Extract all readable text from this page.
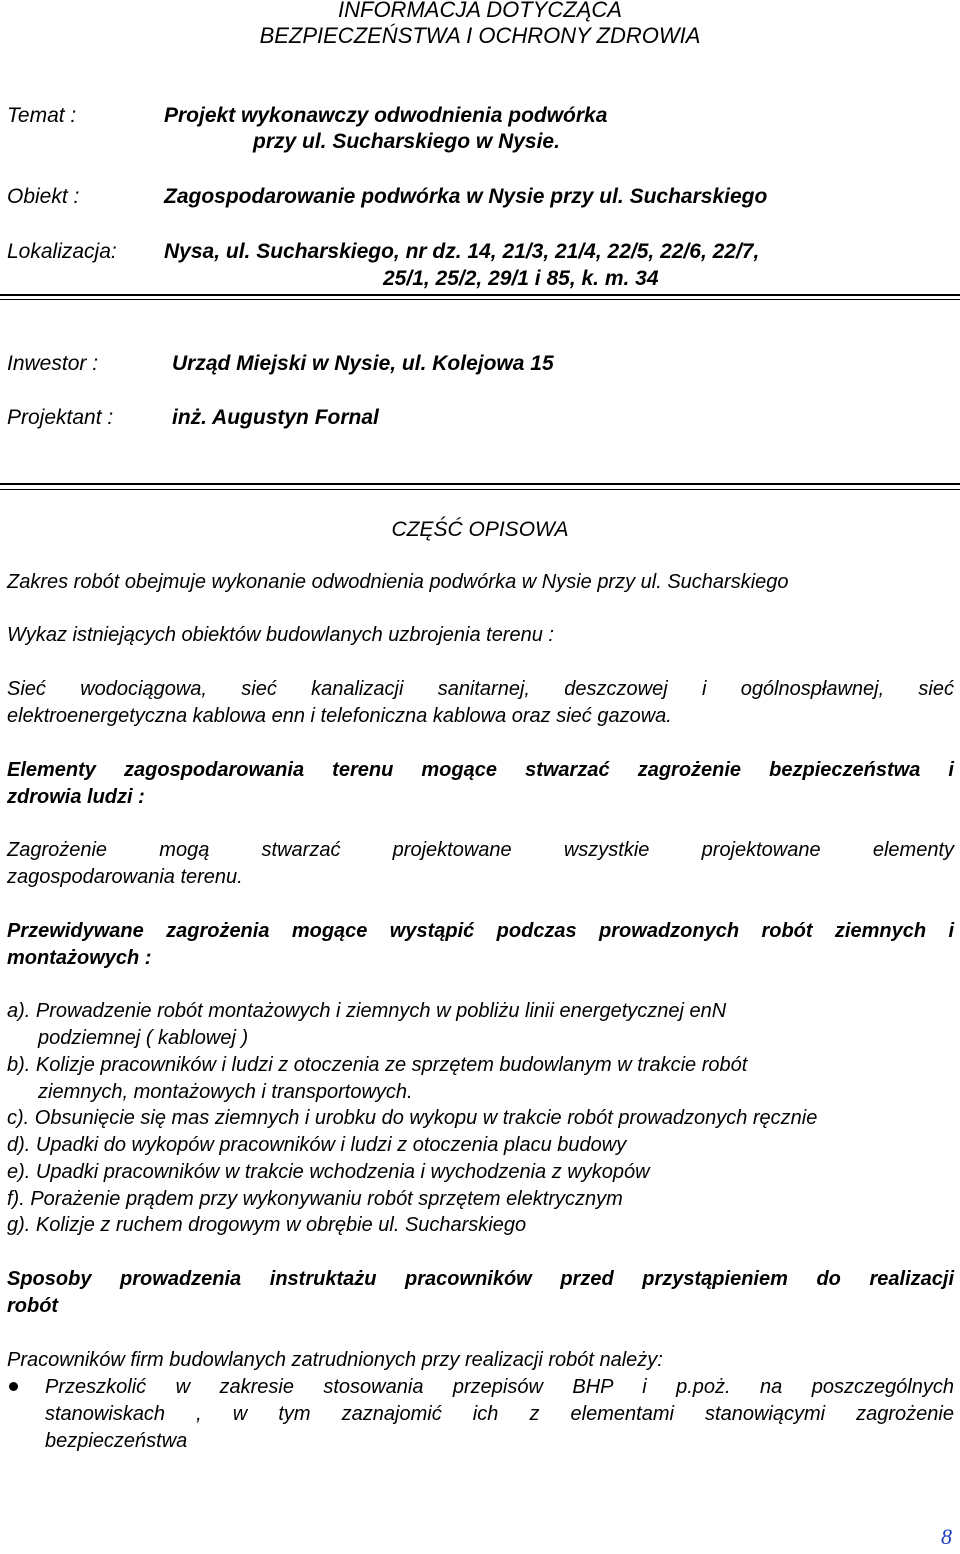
INFORMACJA DOTYCZĄCA
BEZPIECZEŃSTWA I OCHRONY ZDROWIA
Temat :	Projekt wykonawczy odwodnienia podwórka
przy ul. Sucharskiego w Nysie.
Obiekt :	Zagospodarowanie podwórka w Nysie przy ul. Sucharskiego
Lokalizacja: Nysa, ul. Sucharskiego, nr dz. 14, 21/3, 21/4, 22/5, 22/6, 22/7,
25/1, 25/2, 29/1 i 85, k. m. 34
Inwestor :	Urząd Miejski w Nysie, ul. Kolejowa 15
Projektant :	inż. Augustyn Fornal
CZĘŚĆ OPISOWA
Zakres robót obejmuje wykonanie odwodnienia podwórka w Nysie przy ul. Sucharskiego
Wykaz istniejących obiektów budowlanych uzbrojenia terenu :
Sieć wodociągowa, sieć kanalizacji sanitarnej, deszczowej i ogólnospławnej, sieć
elektroenergetyczna kablowa enn i telefoniczna kablowa oraz sieć gazowa.
Elementy zagospodarowania terenu mogące stwarzać zagrożenie bezpieczeństwa i
zdrowia ludzi :
Zagrożenie mogą stwarzać projektowane wszystkie projektowane elementy
zagospodarowania terenu.
Przewidywane zagrożenia mogące wystąpić podczas prowadzonych robót ziemnych i
montażowych :
a). Prowadzenie robót montażowych i ziemnych w pobliżu linii energetycznej enN
podziemnej ( kablowej )
b). Kolizje pracowników i ludzi z otoczenia ze sprzętem budowlanym w trakcie robót
ziemnych, montażowych i transportowych.
c). Obsunięcie się mas ziemnych i urobku do wykopu w trakcie robót prowadzonych ręcznie
d). Upadki do wykopów pracowników i ludzi z otoczenia placu budowy
e). Upadki pracowników w trakcie wchodzenia i wychodzenia z wykopów
f). Porażenie prądem przy wykonywaniu robót sprzętem elektrycznym
g). Kolizje z ruchem drogowym w obrębie ul. Sucharskiego
Sposoby prowadzenia instruktażu pracowników przed przystąpieniem do realizacji
robót
Pracowników firm budowlanych zatrudnionych przy realizacji robót należy:
Przeszkolić w zakresie stosowania przepisów BHP i p.poż. na poszczególnych
stanowiskach , w tym zaznajomić ich z elementami stanowiącymi zagrożenie
bezpieczeństwa
8
